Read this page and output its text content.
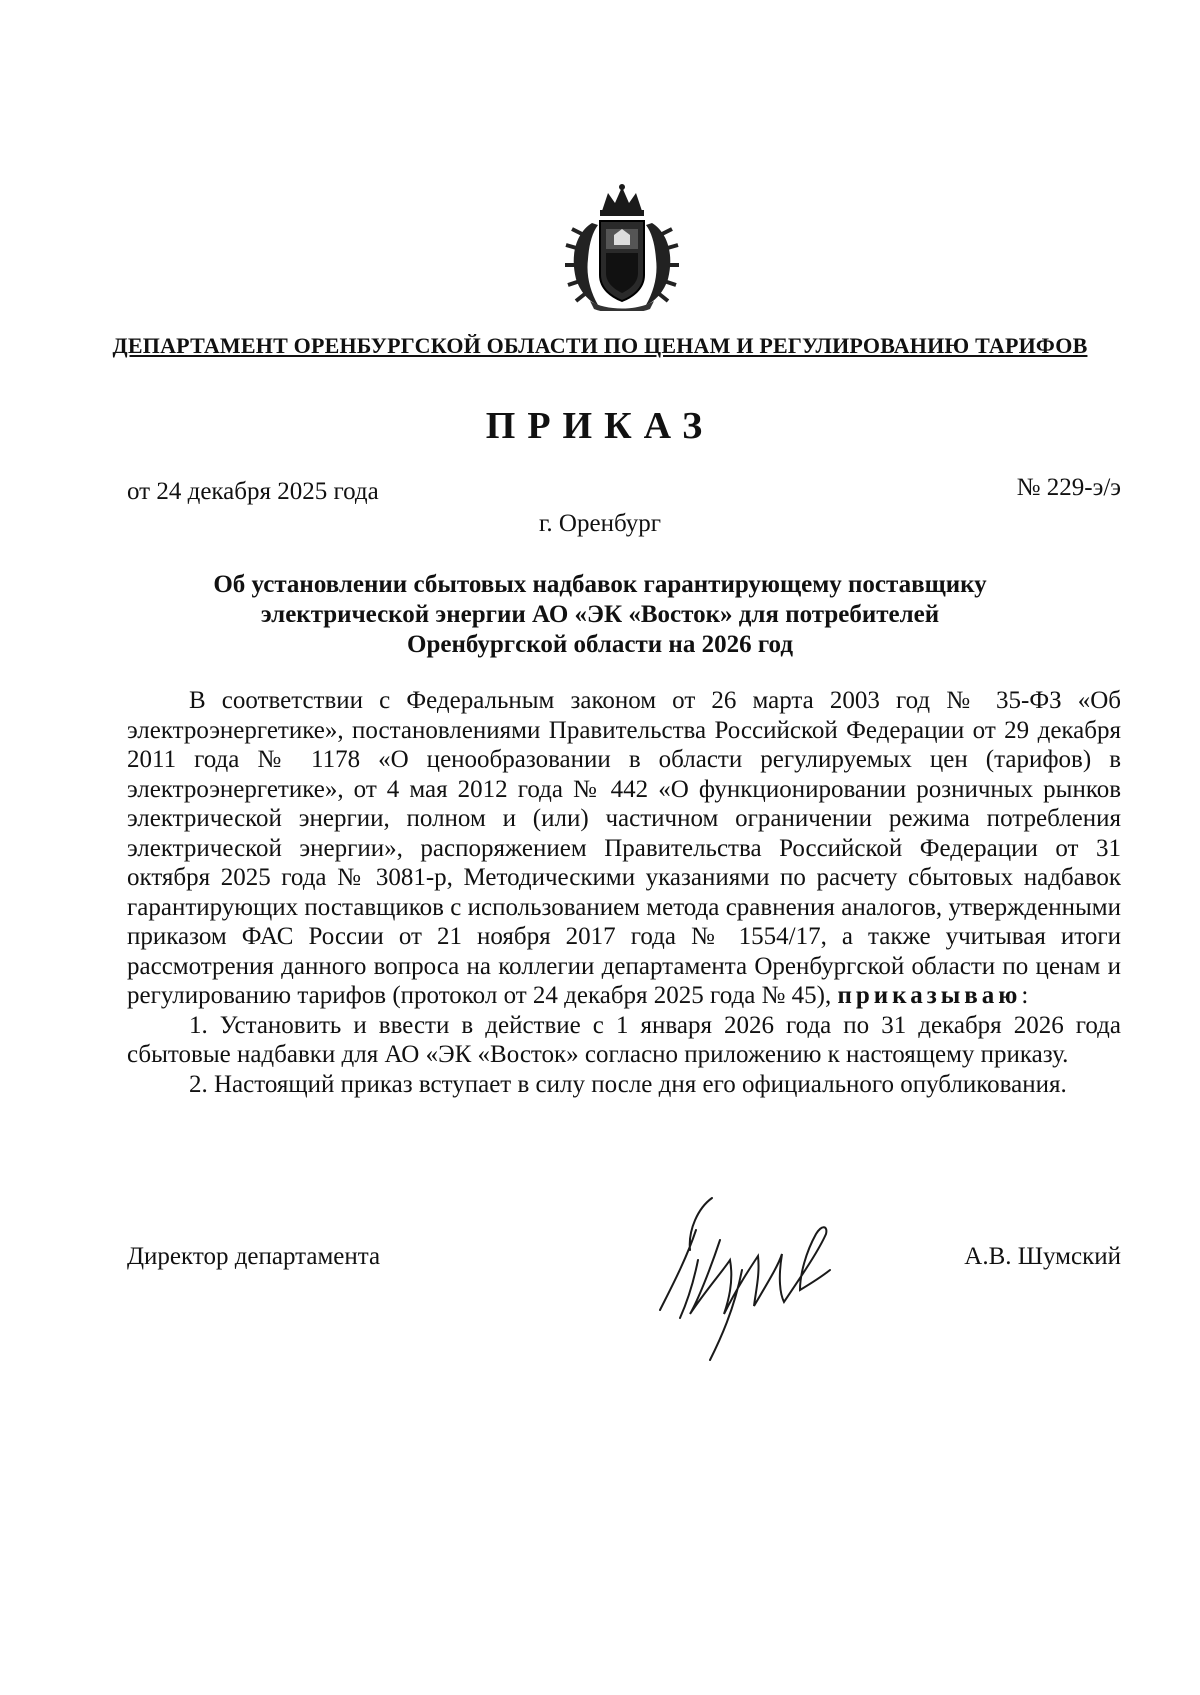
ДЕПАРТАМЕНТ ОРЕНБУРГСКОЙ ОБЛАСТИ ПО ЦЕНАМ И РЕГУЛИРОВАНИЮ ТАРИФОВ
ПРИКАЗ
от 24 декабря 2025 года	№ 229-э/э
г. Оренбург
Об установлении сбытовых надбавок гарантирующему поставщику
электрической энергии АО «ЭК «Восток» для потребителей
Оренбургской области на 2026 год

В соответствии с Федеральным законом от 26 марта 2003 год № 35-ФЗ «Об электроэнергетике», постановлениями Правительства Российской Федерации от 29 декабря 2011 года № 1178 «О ценообразовании в области регулируемых цен (тарифов) в электроэнергетике», от 4 мая 2012 года № 442 «О функционировании розничных рынков электрической энергии, полном и (или) частичном ограничении режима потребления электрической энергии», распоряжением Правительства Российской Федерации от 31 октября 2025 года № 3081-р, Методическими указаниями по расчету сбытовых надбавок гарантирующих поставщиков с использованием метода сравнения аналогов, утвержденными приказом ФАС России от 21 ноября 2017 года № 1554/17, а также учитывая итоги рассмотрения данного вопроса на коллегии департамента Оренбургской области по ценам и регулированию тарифов (протокол от 24 декабря 2025 года № 45), приказываю:

1. Установить и ввести в действие с 1 января 2026 года по 31 декабря 2026 года сбытовые надбавки для АО «ЭК «Восток» согласно приложению к настоящему приказу.

2. Настоящий приказ вступает в силу после дня его официального опубликования.

Директор департамента	А.В. Шумский
